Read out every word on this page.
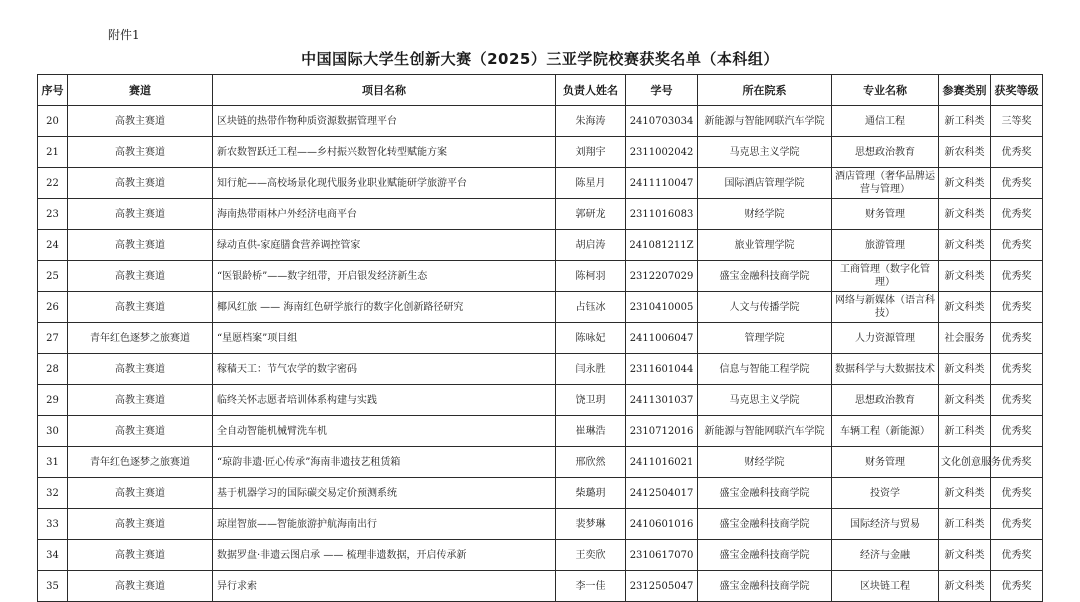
附件1
中国国际大学生创新大赛（2025）三亚学院校赛获奖名单（本科组）
序号	赛道	项目名称	负责人姓名	学号	所在院系	专业名称	参赛类别	获奖等级
20	高教主赛道	区块链的热带作物种质资源数据管理平台	朱海涛	2410703034	新能源与智能网联汽车学院	通信工程	新工科类	三等奖
21	高教主赛道	新农数智跃迁工程——乡村振兴数智化转型赋能方案	刘翔宇	2311002042	马克思主义学院	思想政治教育	新农科类	优秀奖
22	高教主赛道	知行舵——高校场景化现代服务业职业赋能研学旅游平台	陈星月	2411110047	国际酒店管理学院	酒店管理（奢华品牌运营与管理）	新文科类	优秀奖
23	高教主赛道	海南热带雨林户外经济电商平台	郭研龙	2311016083	财经学院	财务管理	新文科类	优秀奖
24	高教主赛道	绿动直供-家庭膳食营养调控管家	胡启涛	241081211Z	旅业管理学院	旅游管理	新文科类	优秀奖
25	高教主赛道	“医银龄桥”——数字纽带，开启银发经济新生态	陈柯羽	2312207029	盛宝金融科技商学院	工商管理（数字化管理）	新文科类	优秀奖
26	高教主赛道	椰风红旅 —— 海南红色研学旅行的数字化创新路径研究	占钰冰	2310410005	人文与传播学院	网络与新媒体（语言科技）	新文科类	优秀奖
27	青年红色逐梦之旅赛道	“星愿档案”项目组	陈咏妃	2411006047	管理学院	人力资源管理	社会服务	优秀奖
28	高教主赛道	稼穑天工：节气农学的数字密码	闫永胜	2311601044	信息与智能工程学院	数据科学与大数据技术	新文科类	优秀奖
29	高教主赛道	临终关怀志愿者培训体系构建与实践	饶卫玥	2411301037	马克思主义学院	思想政治教育	新文科类	优秀奖
30	高教主赛道	全自动智能机械臂洗车机	崔琳浩	2310712016	新能源与智能网联汽车学院	车辆工程（新能源）	新工科类	优秀奖
31	青年红色逐梦之旅赛道	“琼韵非遗·匠心传承”海南非遗技艺租赁箱	邢欣然	2411016021	财经学院	财务管理	文化创意服务	优秀奖
32	高教主赛道	基于机器学习的国际碳交易定价预测系统	柴璐玥	2412504017	盛宝金融科技商学院	投资学	新文科类	优秀奖
33	高教主赛道	琼崖智旅——智能旅游护航海南出行	裴梦琳	2410601016	盛宝金融科技商学院	国际经济与贸易	新工科类	优秀奖
34	高教主赛道	数据罗盘·非遗云图启承 —— 梳理非遗数据，开启传承新	王奕欣	2310617070	盛宝金融科技商学院	经济与金融	新文科类	优秀奖
35	高教主赛道	异行求索	李一佳	2312505047	盛宝金融科技商学院	区块链工程	新文科类	优秀奖
